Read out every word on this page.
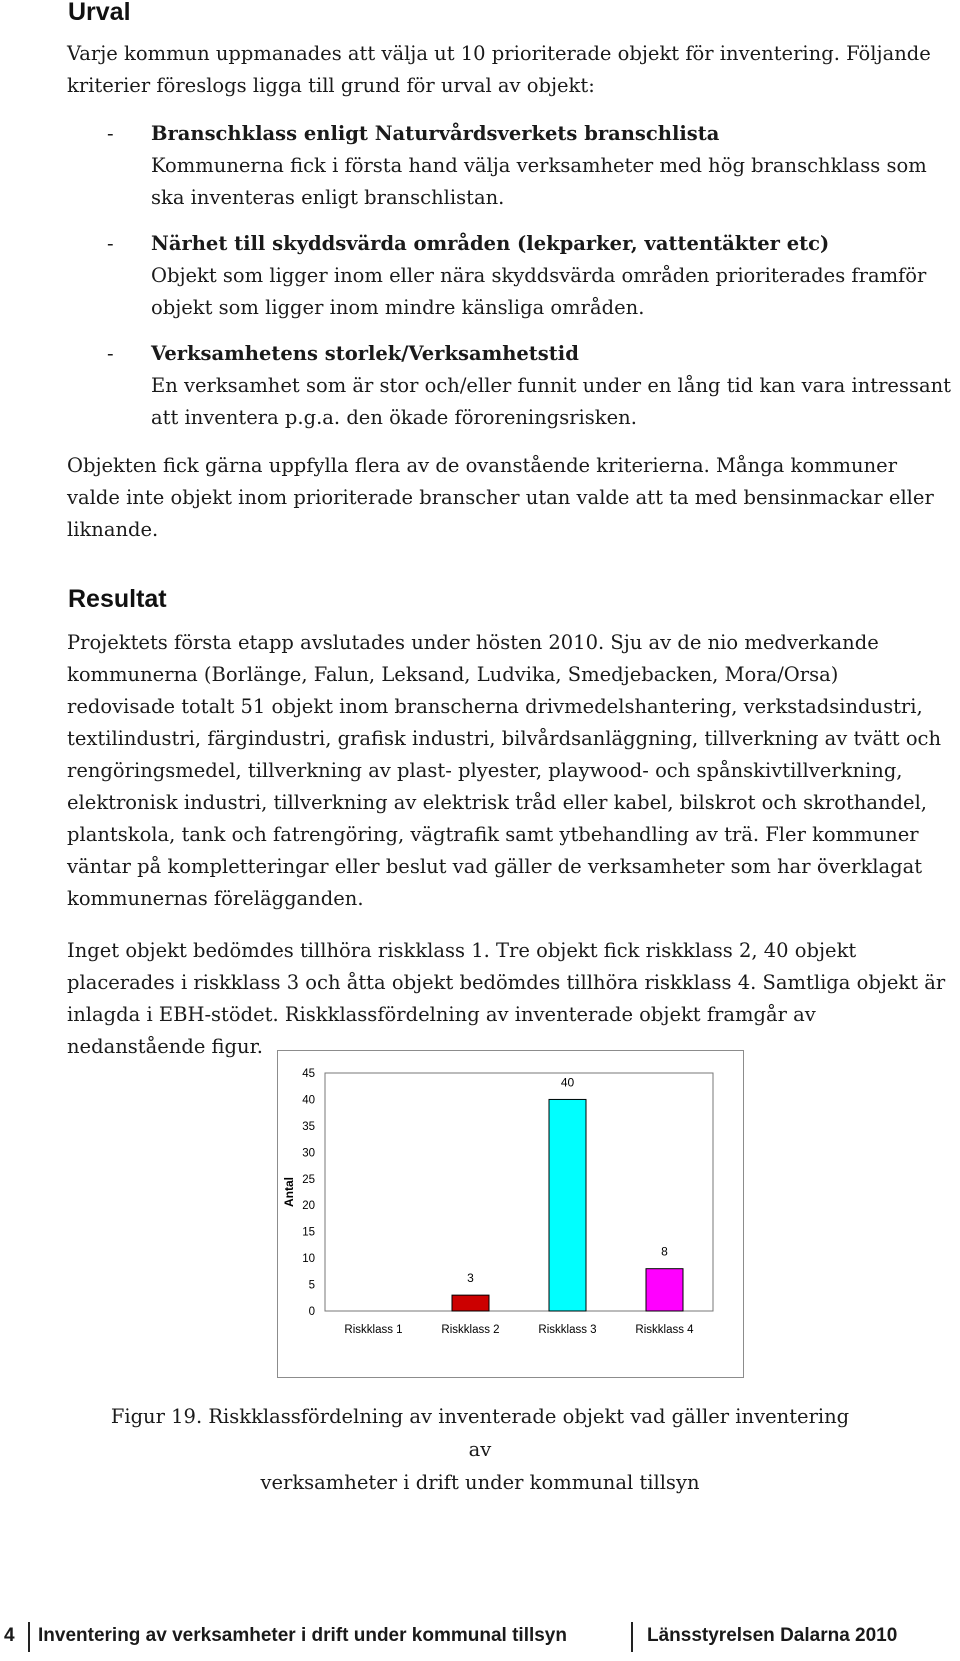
Urval

Varje kommun uppmanades att välja ut 10 prioriterade objekt för inventering. Följande kriterier föreslogs ligga till grund för urval av objekt:

- Branschklass enligt Naturvårdsverkets branschlista
Kommunerna fick i första hand välja verksamheter med hög branschklass som ska inventeras enligt branschlistan.
- Närhet till skyddsvärda områden (lekparker, vattentäkter etc)
Objekt som ligger inom eller nära skyddsvärda områden prioriterades framför objekt som ligger inom mindre känsliga områden.
- Verksamhetens storlek/Verksamhetstid
En verksamhet som är stor och/eller funnit under en lång tid kan vara intressant att inventera p.g.a. den ökade föroreningsrisken.

Objekten fick gärna uppfylla flera av de ovanstående kriterierna. Många kommuner valde inte objekt inom prioriterade branscher utan valde att ta med bensinmackar eller liknande.

Resultat

Projektets första etapp avslutades under hösten 2010. Sju av de nio medverkande kommunerna (Borlänge, Falun, Leksand, Ludvika, Smedjebacken, Mora/Orsa) redovisade totalt 51 objekt inom branscherna drivmedelshantering, verkstadsindustri, textilindustri, färgindustri, grafisk industri, bilvårdsanläggning, tillverkning av tvätt och rengöringsmedel, tillverkning av plast- plyester, playwood- och spånskivtillverkning, elektronisk industri, tillverkning av elektrisk tråd eller kabel, bilskrot och skrothandel, plantskola, tank och fatrengöring, vägtrafik samt ytbehandling av trä. Fler kommuner väntar på kompletteringar eller beslut vad gäller de verksamheter som har överklagat kommunernas förelägganden.

Inget objekt bedömdes tillhöra riskklass 1. Tre objekt fick riskklass 2, 40 objekt placerades i riskklass 3 och åtta objekt bedömdes tillhöra riskklass 4. Samtliga objekt är inlagda i EBH-stödet. Riskklassfördelning av inventerade objekt framgår av nedanstående figur.

0
5
10
15
20
25
30
35
40
45
Antal
Riskklass 1
3
Riskklass 2
40
Riskklass 3
8
Riskklass 4
Figur 19. Riskklassfördelning av inventerade objekt vad gäller inventering av
verksamheter i drift under kommunal tillsyn
4 Inventering av verksamheter i drift under kommunal tillsyn	Länsstyrelsen Dalarna 2010
